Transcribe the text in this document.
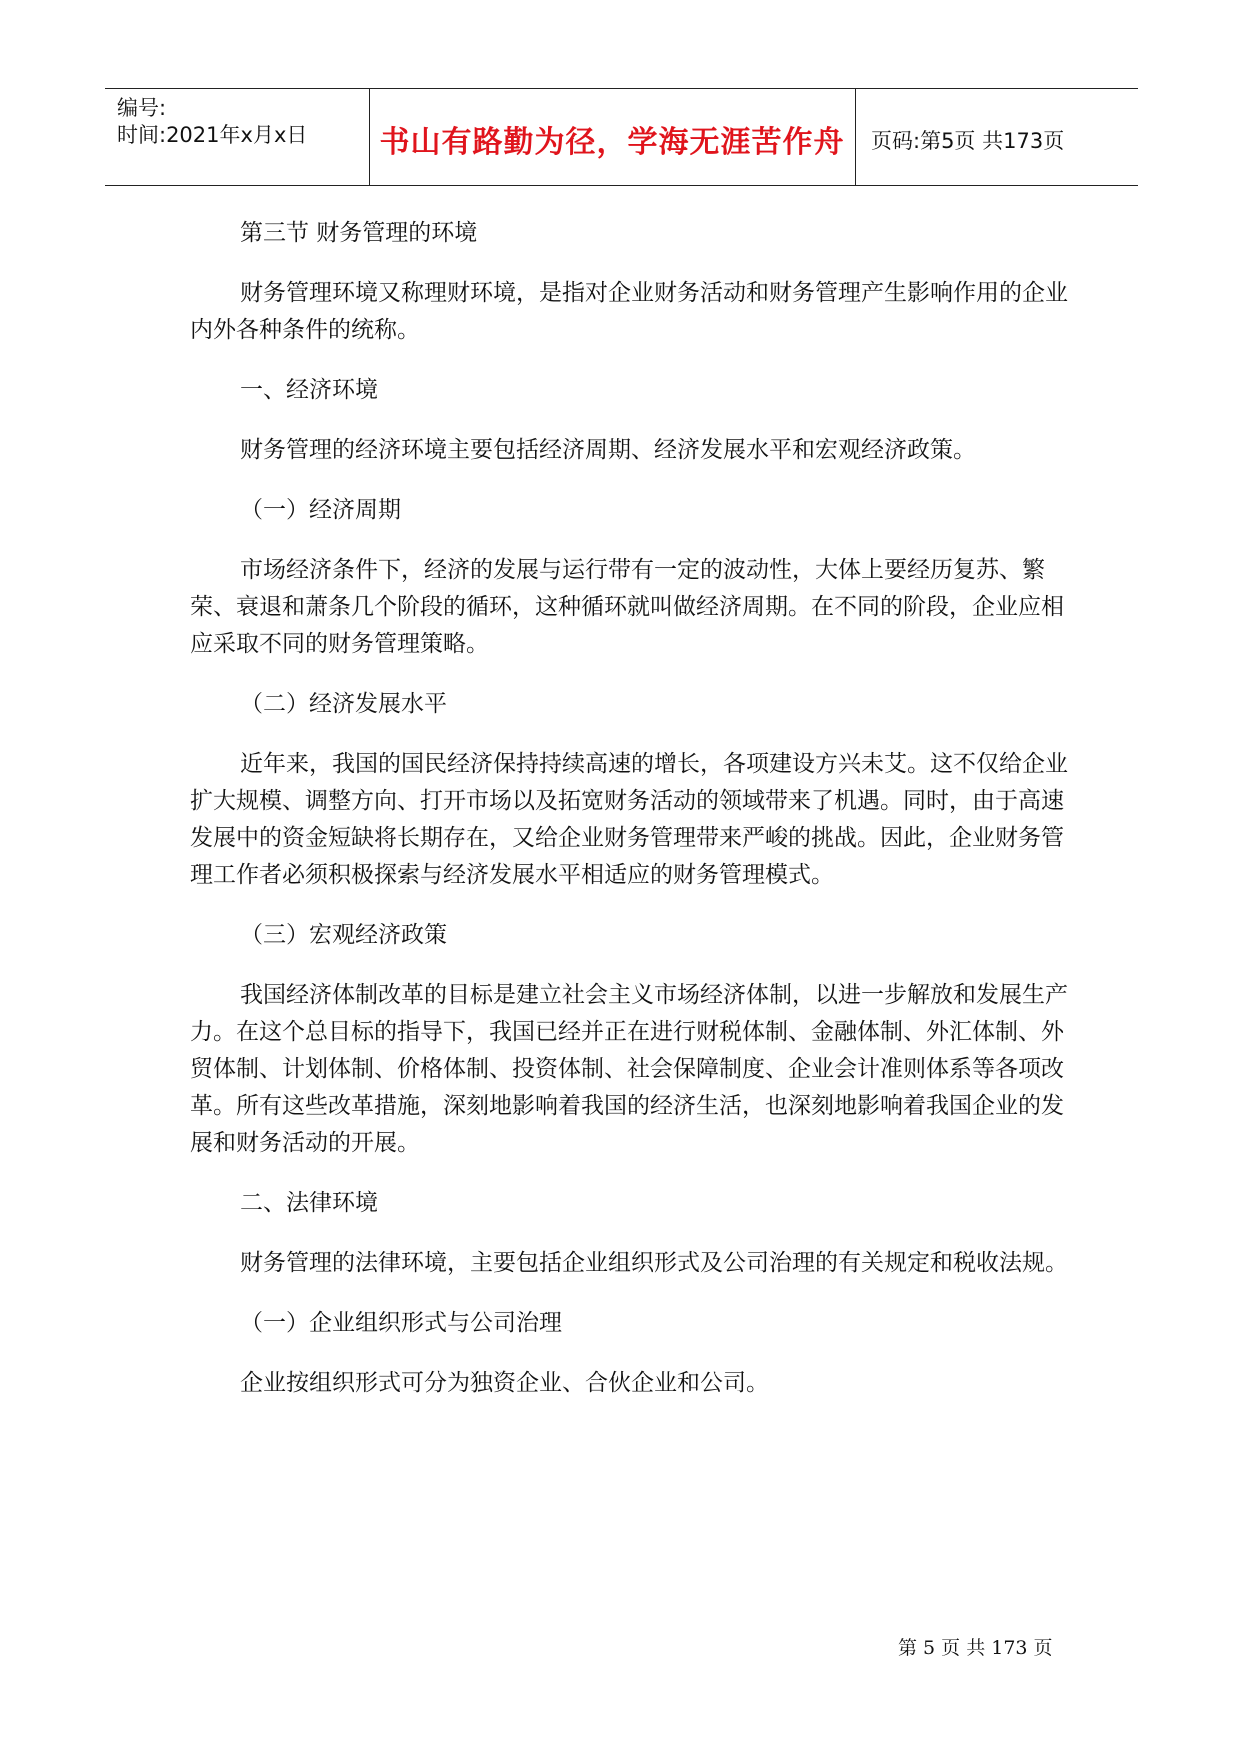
编号:
时间:2021年x月x日	书山有路勤为径，学海无涯苦作舟	页码:第5页 共173页

第三节 财务管理的环境

财务管理环境又称理财环境，是指对企业财务活动和财务管理产生影响作用的企业内外各种条件的统称。

一、经济环境

财务管理的经济环境主要包括经济周期、经济发展水平和宏观经济政策。

（一）经济周期

市场经济条件下，经济的发展与运行带有一定的波动性，大体上要经历复苏、繁荣、衰退和萧条几个阶段的循环，这种循环就叫做经济周期。在不同的阶段，企业应相应采取不同的财务管理策略。

（二）经济发展水平

近年来，我国的国民经济保持持续高速的增长，各项建设方兴未艾。这不仅给企业扩大规模、调整方向、打开市场以及拓宽财务活动的领域带来了机遇。同时，由于高速发展中的资金短缺将长期存在，又给企业财务管理带来严峻的挑战。因此，企业财务管理工作者必须积极探索与经济发展水平相适应的财务管理模式。

（三）宏观经济政策

我国经济体制改革的目标是建立社会主义市场经济体制，以进一步解放和发展生产力。在这个总目标的指导下，我国已经并正在进行财税体制、金融体制、外汇体制、外贸体制、计划体制、价格体制、投资体制、社会保障制度、企业会计准则体系等各项改革。所有这些改革措施，深刻地影响着我国的经济生活，也深刻地影响着我国企业的发展和财务活动的开展。

二、法律环境

财务管理的法律环境，主要包括企业组织形式及公司治理的有关规定和税收法规。

（一）企业组织形式与公司治理

企业按组织形式可分为独资企业、合伙企业和公司。

第 5 页 共 173 页
